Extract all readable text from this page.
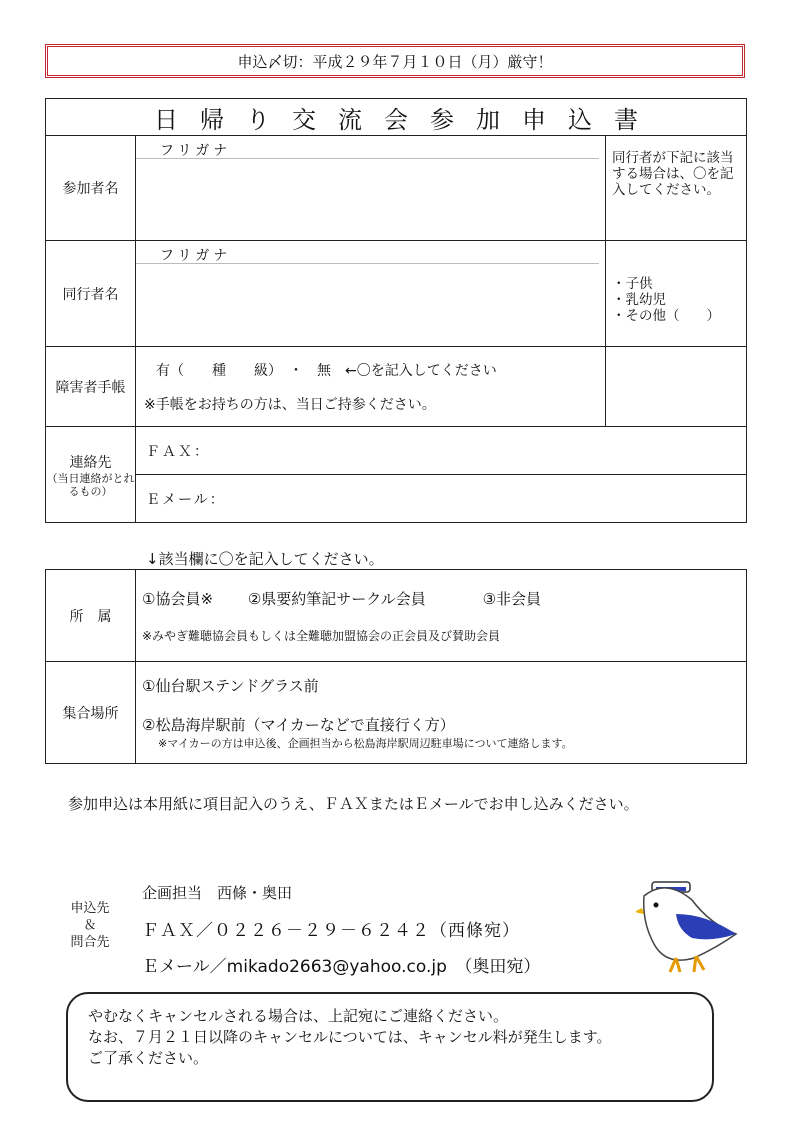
申込〆切：平成２９年７月１０日（月）厳守！
日帰り交流会参加申込書		
参加者名	フリガナ	同行者が下記に該当する場合は、〇を記入してください。
同行者名	フリガナ	・子供
・乳幼児
・その他（　　）

障害者手帳	有（　　種　　級）　・　無　←〇を記入してください
※手帳をお持ちの方は、当日ご持参ください。	

連絡先
（当日連絡がとれるもの）	ＦＡＸ：	
	Ｅメール：	
↓該当欄に〇を記入してください。
所　属	①協会員※ ②県要約筆記サークル会員 ③非会員
※みやぎ難聴協会員もしくは全難聴加盟協会の正会員及び賛助会員

集合場所	①仙台駅ステンドグラス前
②松島海岸駅前（マイカーなどで直接行く方）
※マイカーの方は申込後、企画担当から松島海岸駅周辺駐車場について連絡します。
参加申込は本用紙に項目記入のうえ、ＦＡＸまたはＥメールでお申し込みください。
申込先
＆
問合先
企画担当　西條・奥田
ＦＡＸ／０２２６－２９－６２４２（西條宛）
Ｅメール／mikado2663@yahoo.co.jp　（奥田宛）
やむなくキャンセルされる場合は、上記宛にご連絡ください。
なお、７月２１日以降のキャンセルについては、キャンセル料が発生します。
ご了承ください。
